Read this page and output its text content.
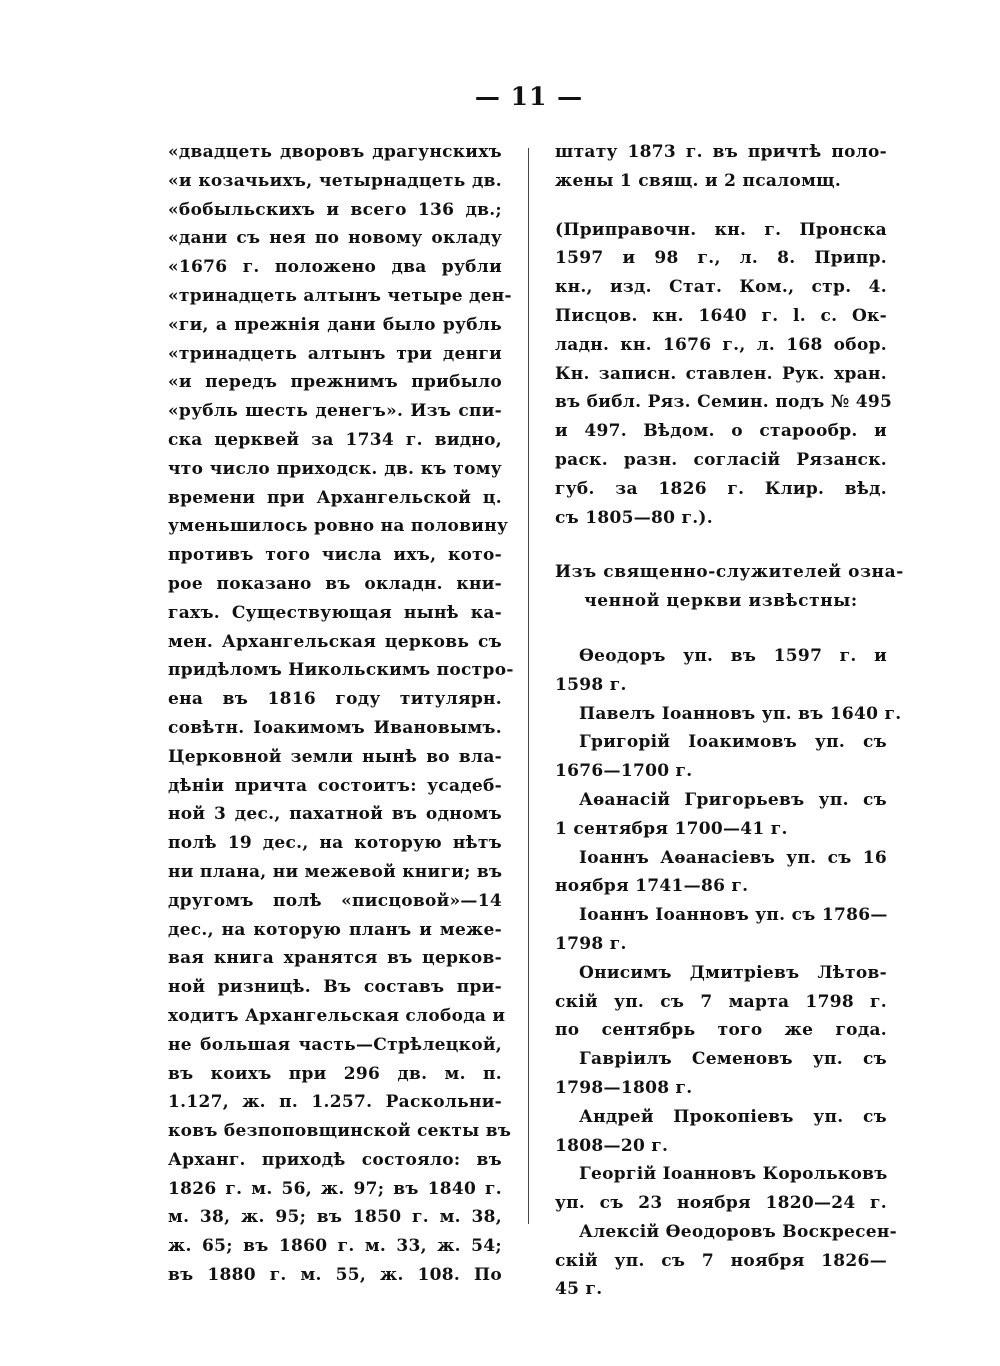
— 11 —
«двадцеть дворовъ драгунскихъ
«и козачьихъ, четырнадцеть дв.
«бобыльскихъ и всего 136 дв.;
«дани съ нея по новому окладу
«1676 г. положено два рубли
«тринадцеть алтынъ четыре ден-
«ги, а прежнія дани было рубль
«тринадцеть алтынъ три денги
«и передъ прежнимъ прибыло
«рубль шесть денегъ». Изъ спи-
ска церквей за 1734 г. видно,
что число приходск. дв. къ тому
времени при Архангельской ц.
уменьшилось ровно на половину
противъ того числа ихъ, кото-
рое показано въ окладн. кни-
гахъ. Существующая нынѣ ка-
мен. Архангельская церковь съ
придѣломъ Никольскимъ постро-
ена въ 1816 году титулярн.
совѣтн. Іоакимомъ Ивановымъ.
Церковной земли нынѣ во вла-
дѣніи причта состоитъ: усадеб-
ной 3 дес., пахатной въ одномъ
полѣ 19 дес., на которую нѣтъ
ни плана, ни межевой книги; въ
другомъ полѣ «писцовой»—14
дес., на которую планъ и меже-
вая книга хранятся въ церков-
ной ризницѣ. Въ составъ при-
ходитъ Архангельская слобода и
не большая часть—Стрѣлецкой,
въ коихъ при 296 дв. м. п.
1.127, ж. п. 1.257. Раскольни-
ковъ безпоповщинской секты въ
Арханг. приходѣ состояло: въ
1826 г. м. 56, ж. 97; въ 1840 г.
м. 38, ж. 95; въ 1850 г. м. 38,
ж. 65; въ 1860 г. м. 33, ж. 54;
въ 1880 г. м. 55, ж. 108. По
штату 1873 г. въ причтѣ поло-
жены 1 свящ. и 2 псаломщ.
(Приправочн. кн. г. Пронска
1597 и 98 г., л. 8. Припр.
кн., изд. Стат. Ком., стр. 4.
Писцов. кн. 1640 г. l. с. Ок-
ладн. кн. 1676 г., л. 168 обор.
Кн. записн. ставлен. Рук. хран.
въ библ. Ряз. Семин. подъ № 495
и 497. Вѣдом. о старообр. и
раск. разн. согласій Рязанск.
губ. за 1826 г. Клир. вѣд.
съ 1805—80 г.).
Изъ священно-служителей озна-
ченной церкви извѣстны:
Ѳеодоръ уп. въ 1597 г. и
1598 г.
Павелъ Іоанновъ уп. въ 1640 г.
Григорій Іоакимовъ уп. съ
1676—1700 г.
Аѳанасій Григорьевъ уп. съ
1 сентября 1700—41 г.
Іоаннъ Аѳанасіевъ уп. съ 16
ноября 1741—86 г.
Іоаннъ Іоанновъ уп. съ 1786—
1798 г.
Онисимъ Дмитріевъ Лѣтов-
скій уп. съ 7 марта 1798 г.
по сентябрь того же года.
Гавріилъ Семеновъ уп. съ
1798—1808 г.
Андрей Прокопіевъ уп. съ
1808—20 г.
Георгій Іоанновъ Корольковъ
уп. съ 23 ноября 1820—24 г.
Алексій Ѳеодоровъ Воскресен-
скій уп. съ 7 ноября 1826—
45 г.
